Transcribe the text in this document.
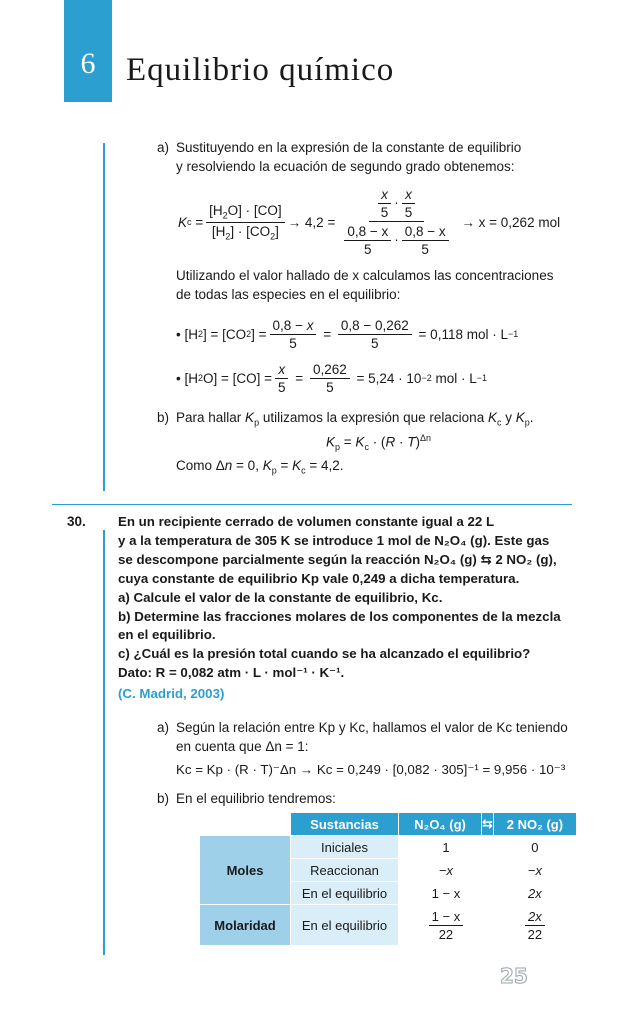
6 Equilibrio químico
a) Sustituyendo en la expresión de la constante de equilibrio
y resolviendo la ecuación de segundo grado obtenemos:
K $c = \frac{[H_2O] \cdot [CO]}{[H_2] \cdot [CO_2]} \to 4,2 = \frac{\frac{x}{5} \cdot \frac{x}{5}}{\frac{0,8 - x}{5} \cdot \frac{0,8 - x}{5}}$
→ x = 0,262 mol
Utilizando el valor hallado de x calculamos las concentraciones
de todas las especies en el equilibrio:
• [H 2 ] = [CO 2 ] = $\frac{0,8 - x}{5} = \frac{0,8 - 0,262}{5}$
= 0,118 mol · L −1
• [H 2 $O] = [CO] = \frac{x}{5} = \frac{0,262}{5}$
= 5,24 · 10 −2
mol · L −1
b) Para hallar $K_p$ utilizamos la expresión que relaciona $K_c$ y $K_p$.
$K_p = K_c \cdot (R \cdot T)^{\Delta n}$
Como Δn = 0, $K_p = K_c = 4,2$.
30. En un recipiente cerrado de volumen constante igual a 22 L
y a la temperatura de 305 K se introduce 1 mol de N₂O₄ (g). Este gas
se descompone parcialmente según la reacción N₂O₄ (g) ⇆ 2 NO₂ (g),
cuya constante de equilibrio Kp vale 0,249 a dicha temperatura.
a) Calcule el valor de la constante de equilibrio, Kc.
b) Determine las fracciones molares de los componentes de la mezcla
en el equilibrio.
c) ¿Cuál es la presión total cuando se ha alcanzado el equilibrio?
Dato: R = 0,082 atm · L · mol⁻¹ · K⁻¹.
(C. Madrid, 2003)
a) Según la relación entre Kp y Kc, hallamos el valor de Kc teniendo
en cuenta que Δn = 1:
Kc = Kp · (R · T)⁻Δn → Kc = 0,249 · [0,082 · 305]⁻¹ = 9,956 · 10⁻³
b) En el equilibrio tendremos:
	Sustancias	N₂O₄ (g)	⇆	2 NO₂ (g)
Moles	Iniciales	1		0
	Reaccionan	−x		−x
	En el equilibrio	1 − x		2x
Molaridad	En el equilibrio	$\frac{1 - x}{22}$		$\frac{2x}{22}$
25
